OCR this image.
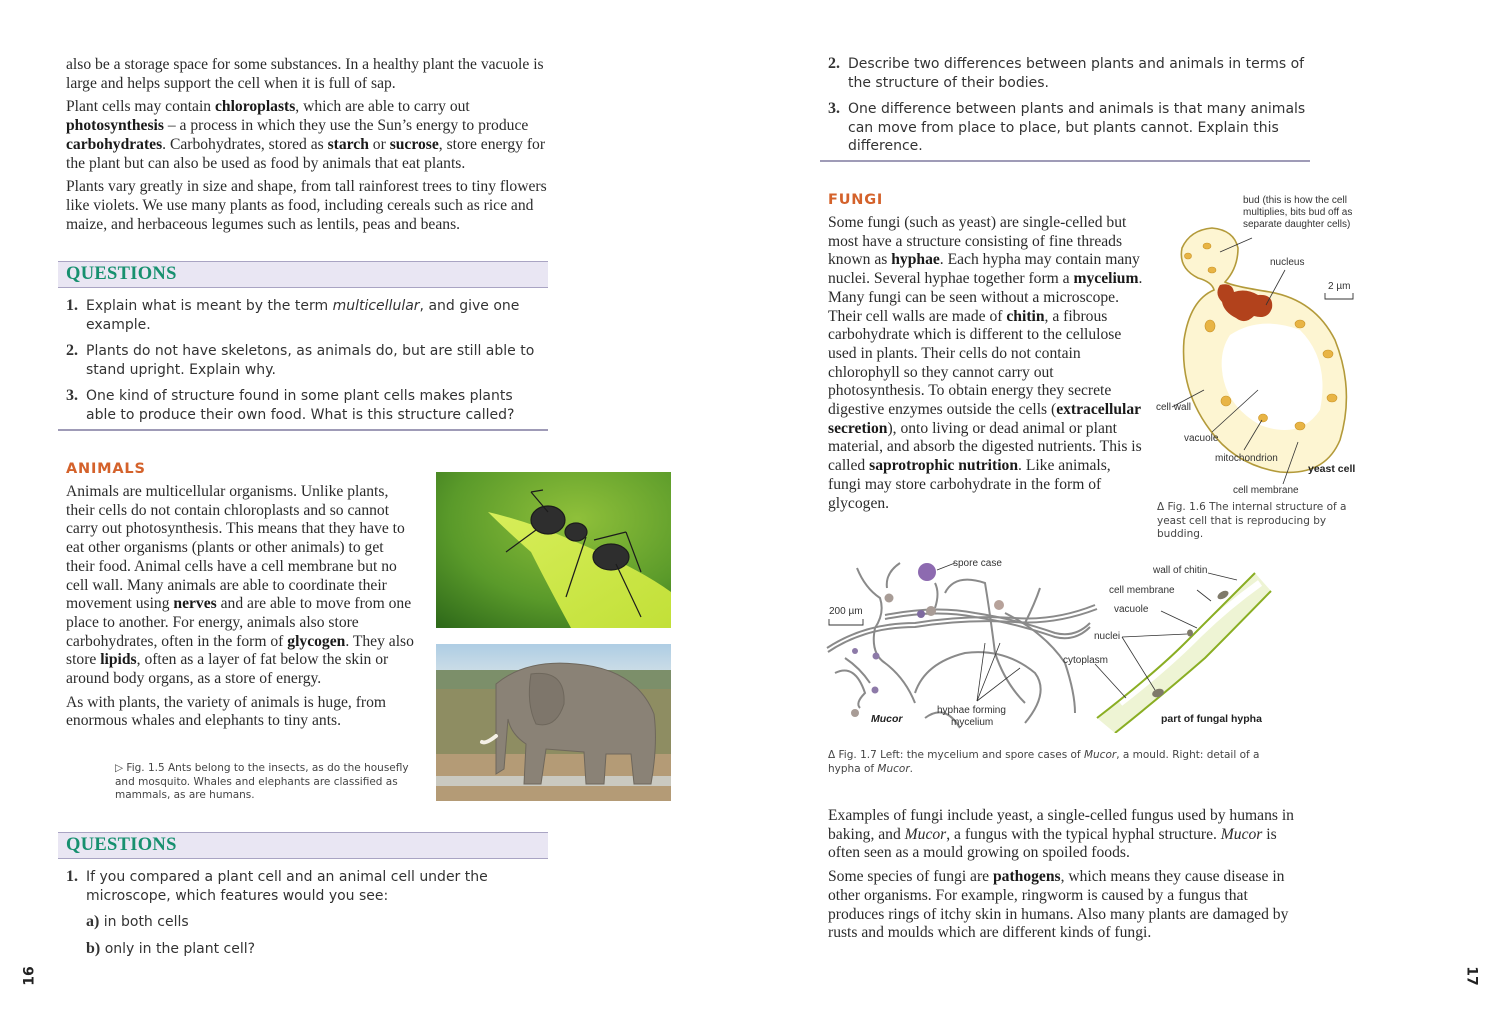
also be a storage space for some substances. In a healthy plant the vacuole is large and helps support the cell when it is full of sap.

Plant cells may contain chloroplasts, which are able to carry out photosynthesis – a process in which they use the Sun’s energy to produce carbohydrates. Carbohydrates, stored as starch or sucrose, store energy for the plant but can also be used as food by animals that eat plants.

Plants vary greatly in size and shape, from tall rainforest trees to tiny flowers like violets. We use many plants as food, including cereals such as rice and maize, and herbaceous legumes such as lentils, peas and beans.

QUESTIONS
1. Explain what is meant by the term multicellular, and give one example.
2. Plants do not have skeletons, as animals do, but are still able to stand upright. Explain why.
3. One kind of structure found in some plant cells makes plants able to produce their own food. What is this structure called?
ANIMALS

Animals are multicellular organisms. Unlike plants, their cells do not contain chloroplasts and so cannot carry out photosynthesis. This means that they have to eat other organisms (plants or other animals) to get their food. Animal cells have a cell membrane but no cell wall. Many animals are able to coordinate their movement using nerves and are able to move from one place to another. For energy, animals also store carbohydrates, often in the form of glycogen. They also store lipids, often as a layer of fat below the skin or around body organs, as a store of energy.

As with plants, the variety of animals is huge, from enormous whales and elephants to tiny ants.

▷ Fig. 1.5 Ants belong to the insects, as do the housefly and mosquito. Whales and elephants are classified as mammals, as are humans.
QUESTIONS
1. If you compared a plant cell and an animal cell under the microscope, which features would you see:
a) in both cells
b) only in the plant cell?
16
2. Describe two differences between plants and animals in terms of the structure of their bodies.
3. One difference between plants and animals is that many animals can move from place to place, but plants cannot. Explain this difference.
FUNGI

Some fungi (such as yeast) are single-celled but most have a structure consisting of fine threads known as hyphae. Each hypha may contain many nuclei. Several hyphae together form a mycelium. Many fungi can be seen without a microscope. Their cell walls are made of chitin, a fibrous carbohydrate which is different to the cellulose used in plants. Their cells do not contain chlorophyll so they cannot carry out photosynthesis. To obtain energy they secrete digestive enzymes outside the cells (extracellular secretion), onto living or dead animal or plant material, and absorb the digested nutrients. This is called saprotrophic nutrition. Like animals, fungi may store carbohydrate in the form of glycogen.

bud (this is how the cell
multiplies, bits bud off as
separate daughter cells)
nucleus
2 µm
cell wall
vacuole
mitochondrion
yeast cell
cell membrane
Δ Fig. 1.6 The internal structure of a yeast cell that is reproducing by budding.
spore case
200 µm
Mucor
hyphae forming
mycelium
wall of chitin
cell membrane
vacuole
nuclei
cytoplasm
part of fungal hypha
Δ Fig. 1.7 Left: the mycelium and spore cases of Mucor, a mould. Right: detail of a hypha of Mucor.

Examples of fungi include yeast, a single-celled fungus used by humans in baking, and Mucor, a fungus with the typical hyphal structure. Mucor is often seen as a mould growing on spoiled foods.

Some species of fungi are pathogens, which means they cause disease in other organisms. For example, ringworm is caused by a fungus that produces rings of itchy skin in humans. Also many plants are damaged by rusts and moulds which are different kinds of fungi.

17
